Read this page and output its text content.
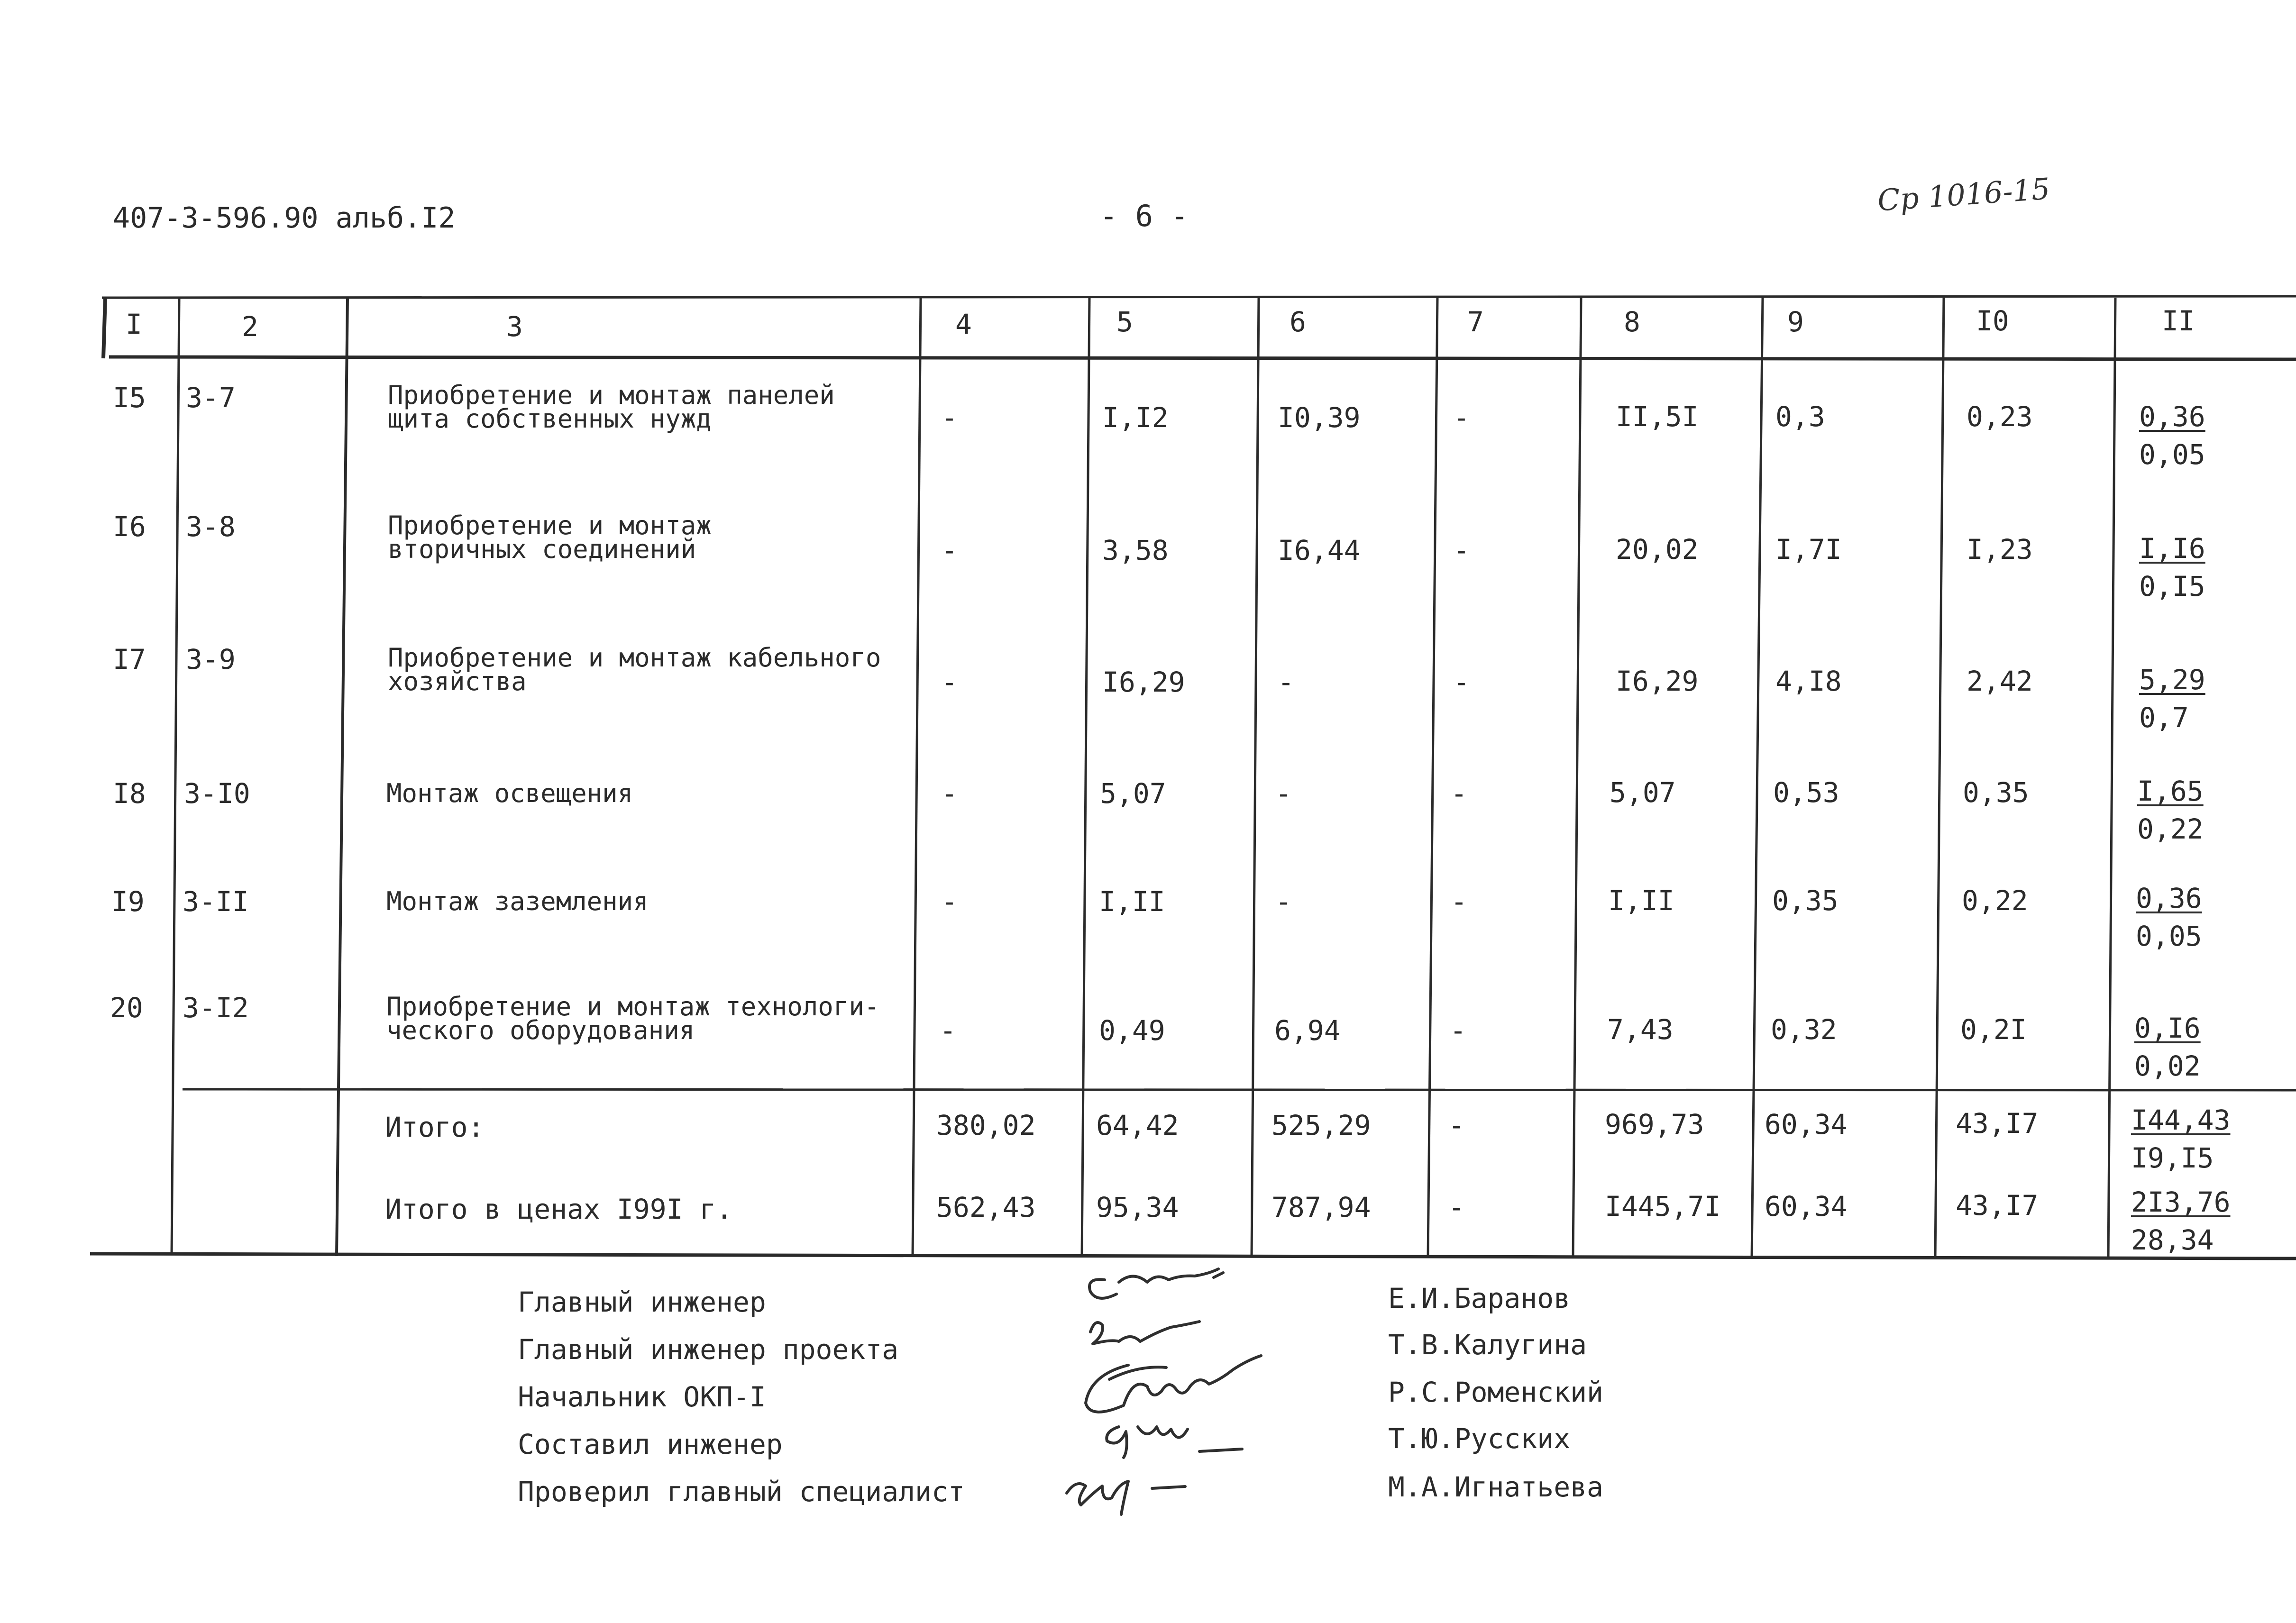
407-3-596.90 альб.I2	- 6 -	Ср 1016-15
I	2	3	4	5	6	7	8	9	I0	II
I5 3-7	Приобретение и монтаж панелей
щита собственных нужд	-	I,I2	I0,39	-	II,5I	0,3	0,23	$\frac{0,36}{0,05}$
I6 3-8	Приобретение и монтаж
вторичных соединений	-	3,58	I6,44	-	20,02	I,7I	I,23	$\frac{I,I6}{0,I5}$
I7 3-9	Приобретение и монтаж кабельного
хозяйства	-	I6,29	-	-	I6,29	4,I8	2,42	$\frac{5,29}{0,7}$
I8 3-I0	Монтаж освещения	-	5,07	-	-	5,07	0,53	0,35	$\frac{I,65}{0,22}$
I9 3-II	Монтаж заземления	-	I,II	-	-	I,II	0,35	0,22	$\frac{0,36}{0,05}$
20 3-I2	Приобретение и монтаж технологи-
ческого оборудования	-	0,49	6,94	-	7,43	0,32	0,2I	$\frac{0,I6}{0,02}$
Итого:	380,02 64,42	525,29	-	969,73 60,34	43,I7	$\frac{I44,43}{I9,I5}$
Итого в ценах I99I г.	562,43 95,34	787,94	-	I445,7I 60,34	43,I7	$\frac{2I3,76}{28,34}$
Главный инженер
Главный инженер проекта
Начальник ОКП-I
Составил инженер
Проверил главный специалист
Е.И.Баранов
Т.В.Калугина
Р.С.Роменский
Т.Ю.Русских
М.А.Игнатьева
